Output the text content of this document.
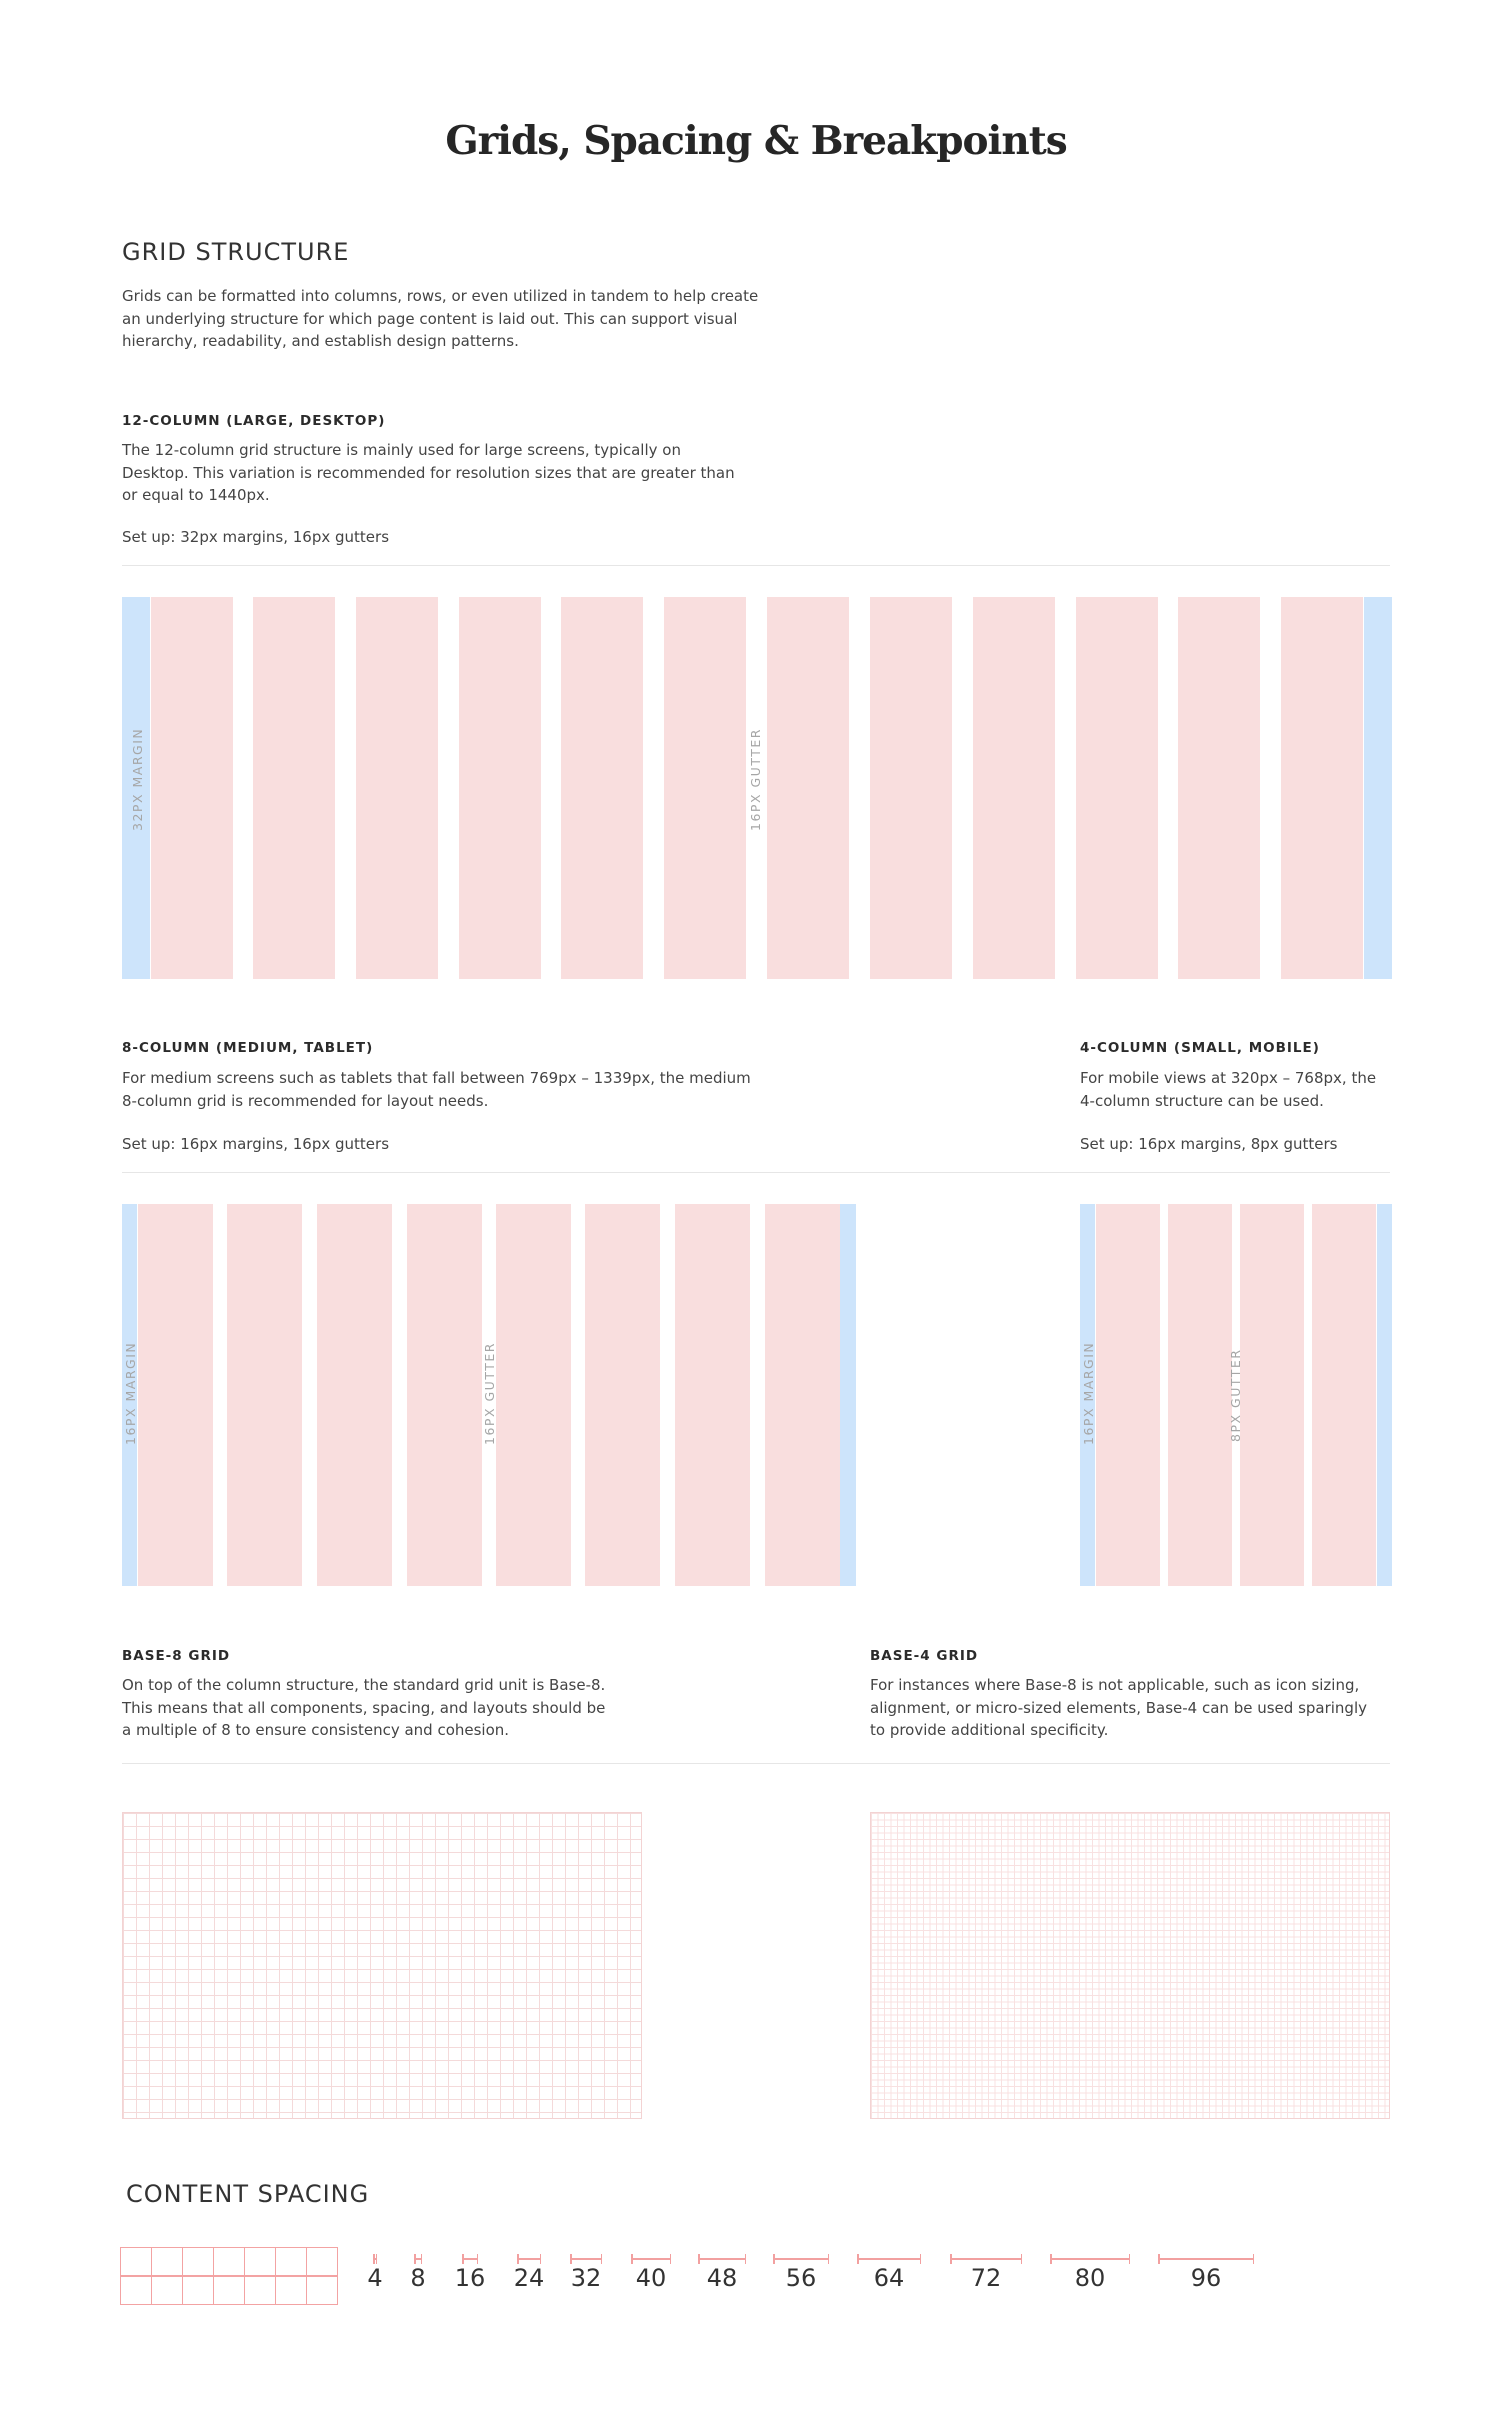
Grids, Spacing & Breakpoints
GRID STRUCTURE
Grids can be formatted into columns, rows, or even utilized in tandem to help create an underlying structure for which page content is laid out. This can support visual hierarchy, readability, and establish design patterns.
12-COLUMN (LARGE, DESKTOP)
The 12-column grid structure is mainly used for large screens, typically on Desktop. This variation is recommended for resolution sizes that are greater than or equal to 1440px.
Set up: 32px margins, 16px gutters
32PX MARGIN	16PX GUTTER
8-COLUMN (MEDIUM, TABLET)
For medium screens such as tablets that fall between 769px – 1339px, the medium 8-column grid is recommended for layout needs.
Set up: 16px margins, 16px gutters
4-COLUMN (SMALL, MOBILE)
For mobile views at 320px – 768px, the 4-column structure can be used.
Set up: 16px margins, 8px gutters
16PX MARGIN	16PX GUTTER	16PX MARGIN	8PX GUTTER
BASE-8 GRID
On top of the column structure, the standard grid unit is Base-8. This means that all components, spacing, and layouts should be a multiple of 8 to ensure consistency and cohesion.
BASE-4 GRID
For instances where Base-8 is not applicable, such as icon sizing, alignment, or micro-sized elements, Base-4 can be used sparingly to provide additional specificity.
CONTENT SPACING
4	8	16 24 32 40 48 56 64	72	80	96
